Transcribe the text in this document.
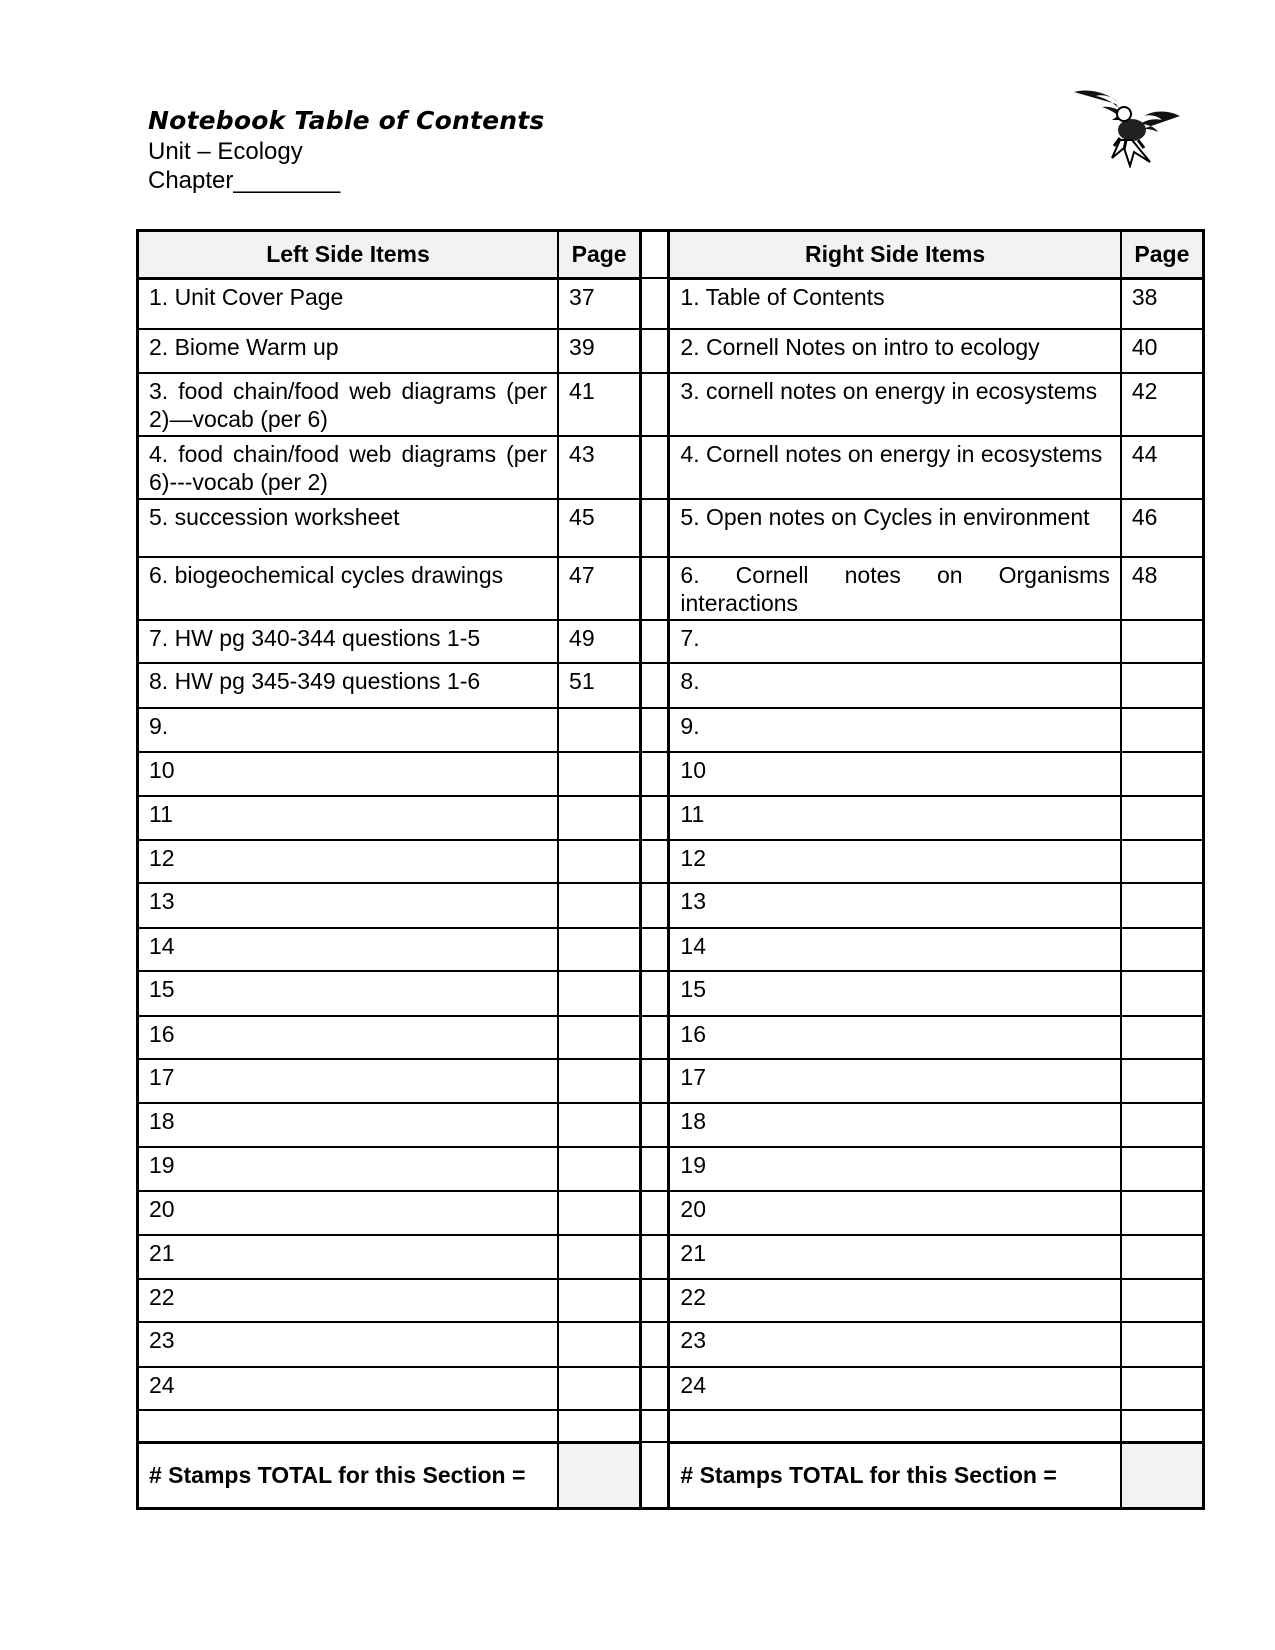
Notebook Table of Contents
Unit – Ecology
Chapter________
Left Side Items	Page		Right Side Items	Page
1. Unit Cover Page	37		1. Table of Contents	38
2. Biome Warm up	39		2. Cornell Notes on intro to ecology	40
3. food chain/food web diagrams (per 2)—vocab (per 6)	41		3. cornell notes on energy in ecosystems	42
4. food chain/food web diagrams (per 6)---vocab (per 2)	43		4. Cornell notes on energy in ecosystems	44
5. succession worksheet	45		5. Open notes on Cycles in environment	46
6. biogeochemical cycles drawings	47		6. Cornell notes on Organisms interactions	48
7. HW pg 340-344 questions 1-5	49		7.	
8. HW pg 345-349 questions 1-6	51		8.	
9.			9.	
10			10	
11			11	
12			12	
13			13	
14			14	
15			15	
16			16	
17			17	
18			18	
19			19	
20			20	
21			21	
22			22	
23			23	
24			24	

# Stamps TOTAL for this Section =			# Stamps TOTAL for this Section =	
